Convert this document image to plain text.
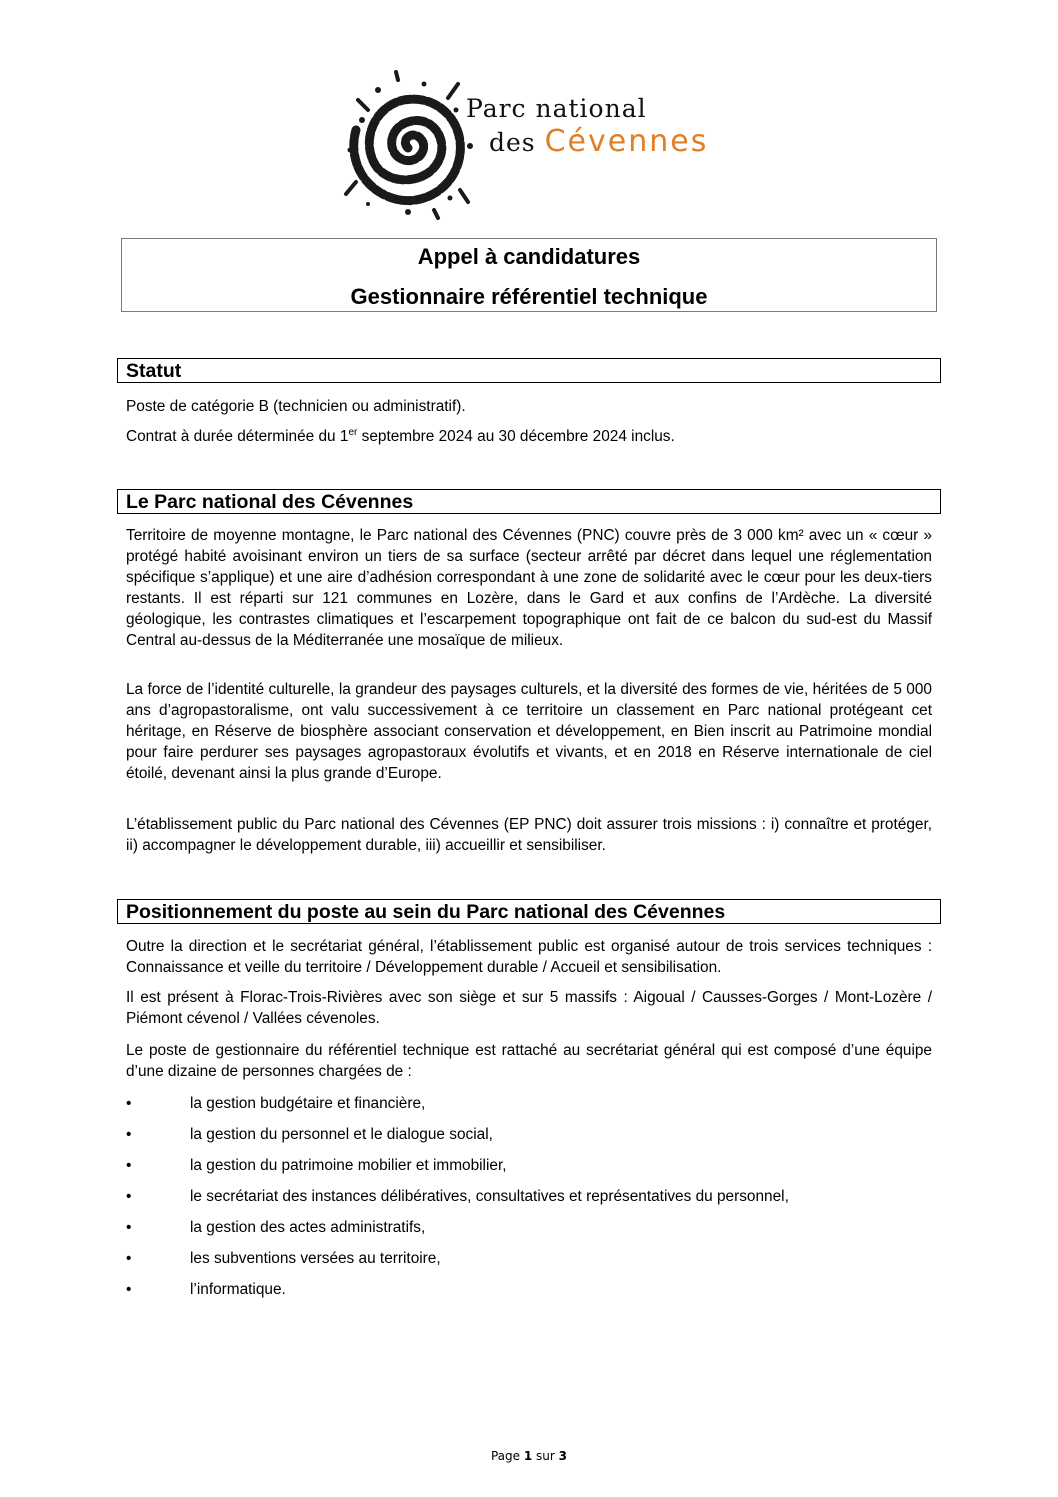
Parc national
des Cévennes
Appel à candidatures
Gestionnaire référentiel technique
Statut
Poste de catégorie B (technicien ou administratif).
Contrat à durée déterminée du 1er septembre 2024 au 30 décembre 2024 inclus.
Le Parc national des Cévennes
Territoire de moyenne montagne, le Parc national des Cévennes (PNC) couvre près de 3 000 km² avec un « cœur » protégé habité avoisinant environ un tiers de sa surface (secteur arrêté par décret dans lequel une réglementation spécifique s’applique) et une aire d’adhésion correspondant à une zone de solidarité avec le cœur pour les deux-tiers restants. Il est réparti sur 121 communes en Lozère, dans le Gard et aux confins de l’Ardèche. La diversité géologique, les contrastes climatiques et l’escarpement topographique ont fait de ce balcon du sud-est du Massif Central au-dessus de la Méditerranée une mosaïque de milieux.
La force de l’identité culturelle, la grandeur des paysages culturels, et la diversité des formes de vie, héritées de 5 000 ans d’agropastoralisme, ont valu successivement à ce territoire un classement en Parc national protégeant cet héritage, en Réserve de biosphère associant conservation et développement, en Bien inscrit au Patrimoine mondial pour faire perdurer ses paysages agropastoraux évolutifs et vivants, et en 2018 en Réserve internationale de ciel étoilé, devenant ainsi la plus grande d’Europe.
L’établissement public du Parc national des Cévennes (EP PNC) doit assurer trois missions : i) connaître et protéger, ii) accompagner le développement durable, iii) accueillir et sensibiliser.
Positionnement du poste au sein du Parc national des Cévennes
Outre la direction et le secrétariat général, l’établissement public est organisé autour de trois services techniques : Connaissance et veille du territoire / Développement durable / Accueil et sensibilisation.
Il est présent à Florac-Trois-Rivières avec son siège et sur 5 massifs : Aigoual / Causses-Gorges / Mont-Lozère / Piémont cévenol / Vallées cévenoles.
Le poste de gestionnaire du référentiel technique est rattaché au secrétariat général qui est composé d’une équipe d’une dizaine de personnes chargées de :
•	la gestion budgétaire et financière,
•	la gestion du personnel et le dialogue social,
•	la gestion du patrimoine mobilier et immobilier,
•	le secrétariat des instances délibératives, consultatives et représentatives du personnel,
•	la gestion des actes administratifs,
•	les subventions versées au territoire,
•	l’informatique.
Page 1 sur 3
